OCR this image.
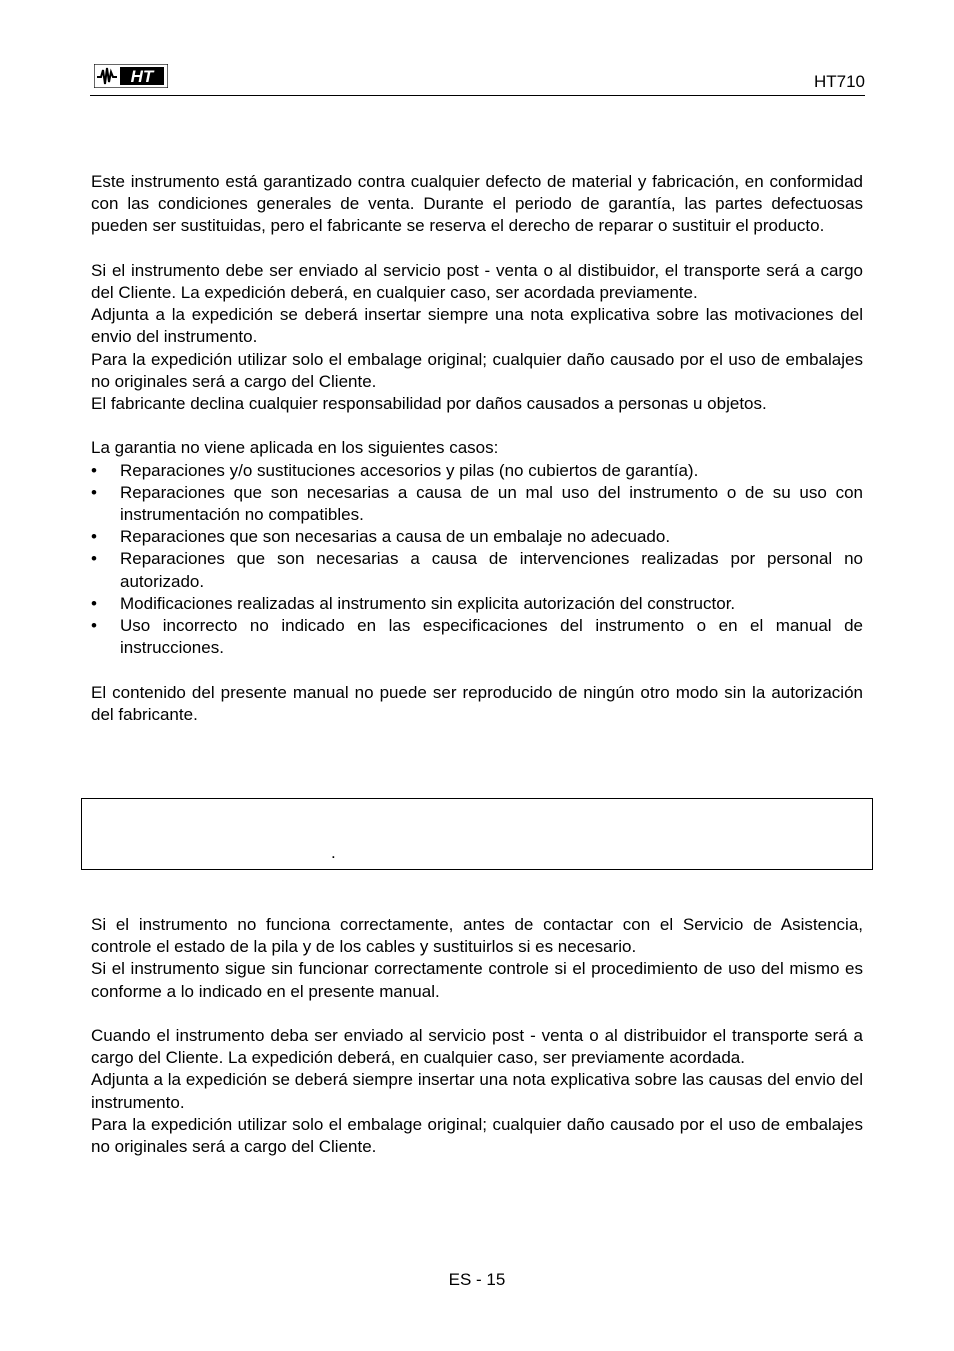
HT	HT710

Este instrumento está garantizado contra cualquier defecto de material y fabricación, en conformidad con las condiciones generales de venta. Durante el periodo de garantía, las partes defectuosas pueden ser sustituidas, pero el fabricante se reserva el derecho de reparar o sustituir el producto.

Si el instrumento debe ser enviado al servicio post - venta o al distibuidor, el transporte será a cargo del Cliente. La expedición deberá, en cualquier caso, ser acordada previamente.

Adjunta a la expedición se deberá insertar siempre una nota explicativa sobre las motivaciones del envio del instrumento.

Para la expedición utilizar solo el embalage original; cualquier daño causado por el uso de embalajes no originales será a cargo del Cliente.

El fabricante declina cualquier responsabilidad por daños causados a personas u objetos.

La garantia no viene aplicada en los siguientes casos:

• Reparaciones y/o sustituciones accesorios y pilas (no cubiertos de garantía).
• Reparaciones que son necesarias a causa de un mal uso del instrumento o de su uso con instrumentación no compatibles.
• Reparaciones que son necesarias a causa de un embalaje no adecuado.
• Reparaciones que son necesarias a causa de intervenciones realizadas por personal no autorizado.
• Modificaciones realizadas al instrumento sin explicita autorización del constructor.
• Uso incorrecto no indicado en las especificaciones del instrumento o en el manual de instrucciones.

El contenido del presente manual no puede ser reproducido de ningún otro modo sin la autorización del fabricante.

.

Si el instrumento no funciona correctamente, antes de contactar con el Servicio de Asistencia, controle el estado de la pila y de los cables y sustituirlos si es necesario.

Si el instrumento sigue sin funcionar correctamente controle si el procedimiento de uso del mismo es conforme a lo indicado en el presente manual.

Cuando el instrumento deba ser enviado al servicio post - venta o al distribuidor el transporte será a cargo del Cliente. La expedición deberá, en cualquier caso, ser previamente acordada.

Adjunta a la expedición se deberá siempre insertar una nota explicativa sobre las causas del envio del instrumento.

Para la expedición utilizar solo el embalage original; cualquier daño causado por el uso de embalajes no originales será a cargo del Cliente.

ES - 15
